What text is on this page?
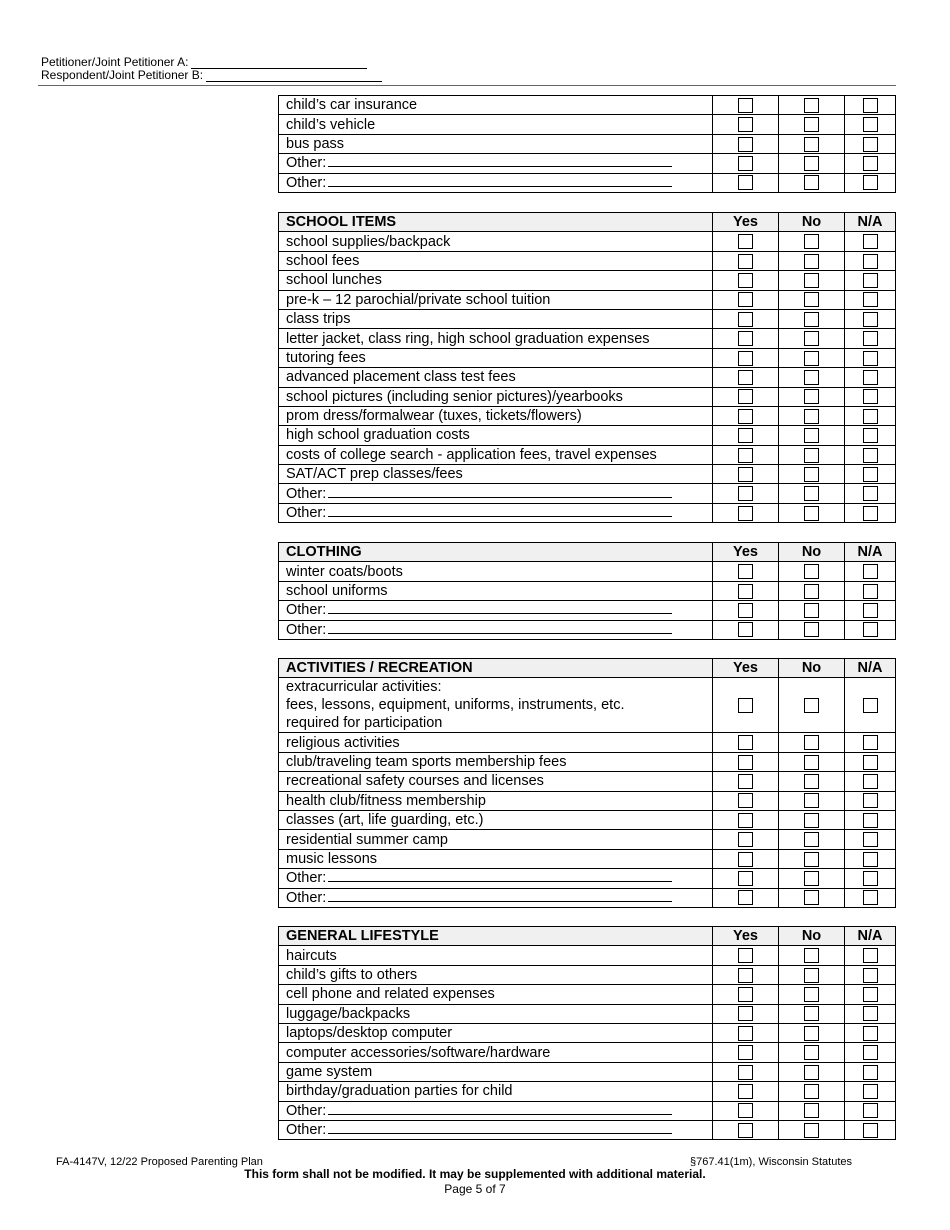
Petitioner/Joint Petitioner A:
Respondent/Joint Petitioner B:
child’s car insurance			
child’s vehicle			
bus pass			
Other:			
Other:			
SCHOOL ITEMS	Yes	No	N/A
school supplies/backpack			
school fees			
school lunches			
pre-k – 12 parochial/private school tuition			
class trips			
letter jacket, class ring, high school graduation expenses			
tutoring fees			
advanced placement class test fees			
school pictures (including senior pictures)/yearbooks			
prom dress/formalwear (tuxes, tickets/flowers)			
high school graduation costs			
costs of college search - application fees, travel expenses			
SAT/ACT prep classes/fees			
Other:			
Other:			
CLOTHING	Yes	No	N/A
winter coats/boots			
school uniforms			
Other:			
Other:			
ACTIVITIES / RECREATION	Yes	No	N/A

extracurricular activities:
fees, lessons, equipment, uniforms, instruments, etc.
required for participation			

religious activities			
club/traveling team sports membership fees			
recreational safety courses and licenses			
health club/fitness membership			
classes (art, life guarding, etc.)			
residential summer camp			
music lessons			
Other:			
Other:			
GENERAL LIFESTYLE	Yes	No	N/A
haircuts			
child’s gifts to others			
cell phone and related expenses			
luggage/backpacks			
laptops/desktop computer			
computer accessories/software/hardware			
game system			
birthday/graduation parties for child			
Other:			
Other:			
FA-4147V, 12/22 Proposed Parenting Plan	§767.41(1m), Wisconsin Statutes
This form shall not be modified. It may be supplemented with additional material.
Page 5 of 7
